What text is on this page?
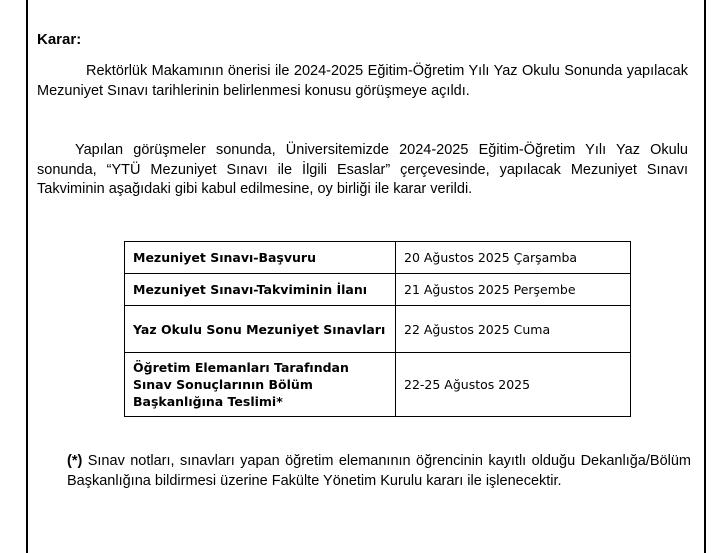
Karar:

Rektörlük Makamının önerisi ile 2024-2025 Eğitim-Öğretim Yılı Yaz Okulu Sonunda yapılacak Mezuniyet Sınavı tarihlerinin belirlenmesi konusu görüşmeye açıldı.

Yapılan görüşmeler sonunda, Üniversitemizde 2024-2025 Eğitim-Öğretim Yılı Yaz Okulu sonunda, “YTÜ Mezuniyet Sınavı ile İlgili Esaslar” çerçevesinde, yapılacak Mezuniyet Sınavı Takviminin aşağıdaki gibi kabul edilmesine, oy birliği ile karar verildi.

Mezuniyet Sınavı-Başvuru	20 Ağustos 2025 Çarşamba
Mezuniyet Sınavı-Takviminin İlanı	21 Ağustos 2025 Perşembe
Yaz Okulu Sonu Mezuniyet Sınavları	22 Ağustos 2025 Cuma
Öğretim Elemanları Tarafından Sınav Sonuçlarının Bölüm Başkanlığına Teslimi*	22-25 Ağustos 2025

(*) Sınav notları, sınavları yapan öğretim elemanının öğrencinin kayıtlı olduğu Dekanlığa/Bölüm Başkanlığına bildirmesi üzerine Fakülte Yönetim Kurulu kararı ile işlenecektir.
